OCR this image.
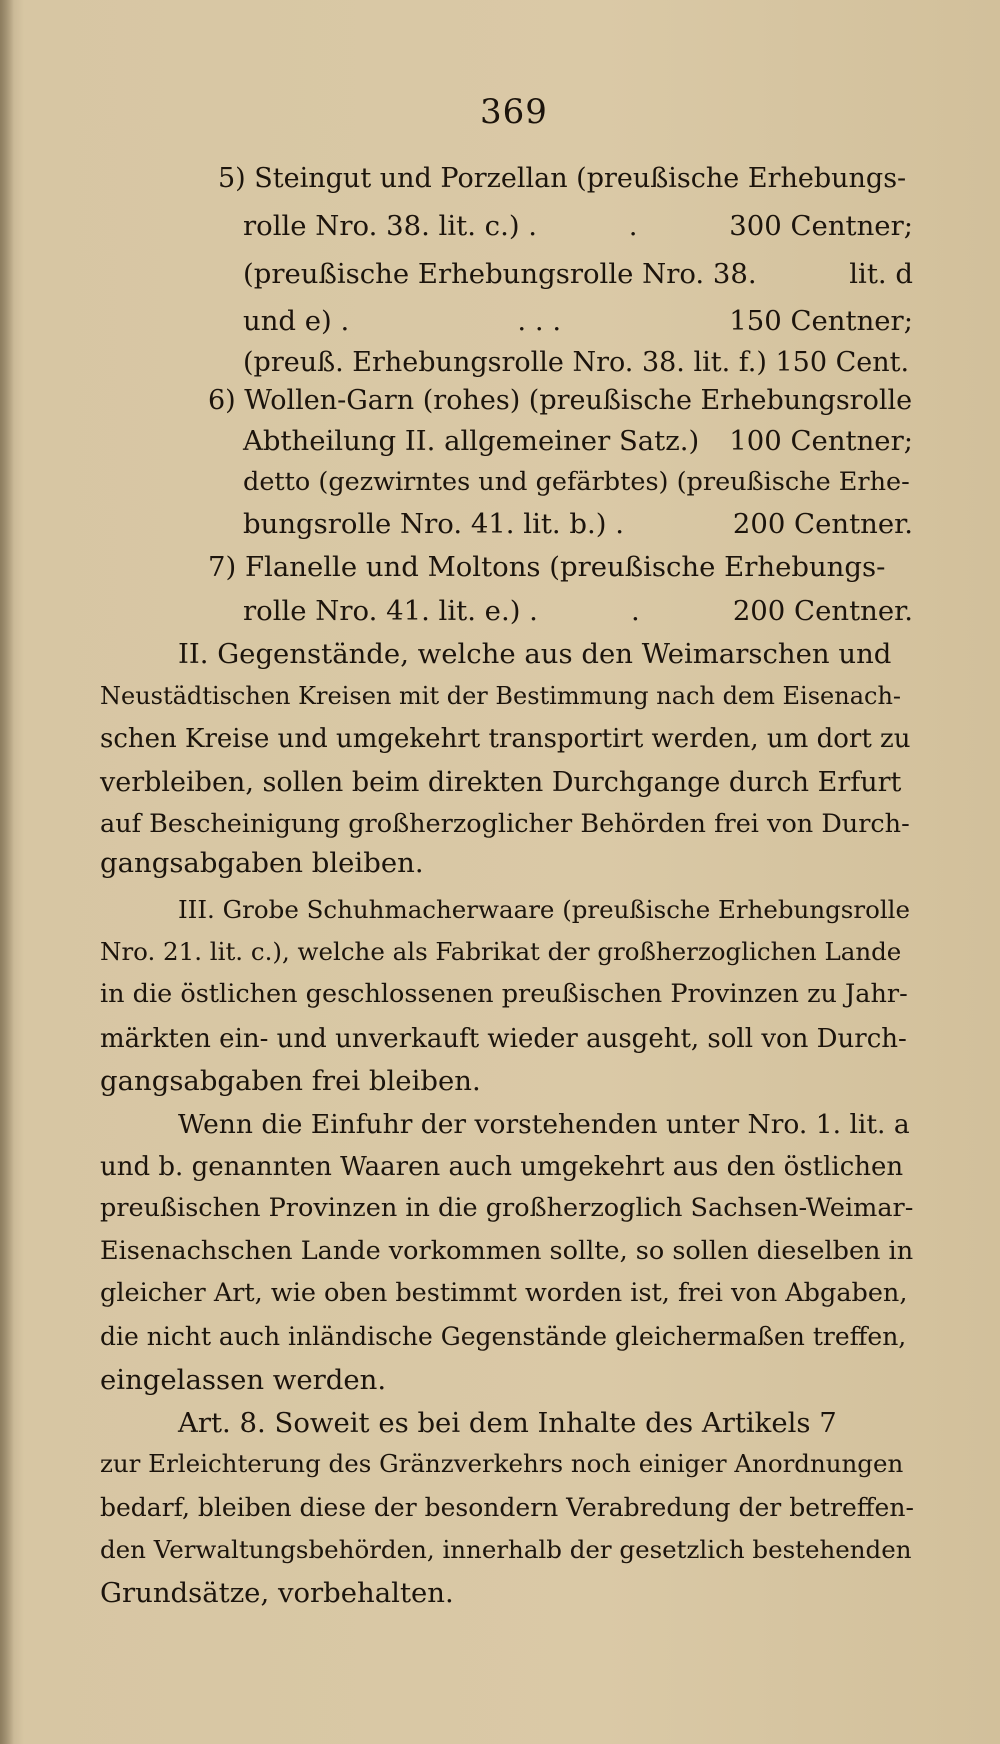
369
5) Steingut und Porzellan (preußische Erhebungs-
rolle Nro. 38. lit. c.) .	.	300 Centner;
(preußische Erhebungsrolle Nro. 38.	lit. d
und e) .	. . .	150 Centner;
(preuß. Erhebungsrolle Nro. 38. lit. f.) 150 Cent.
6) Wollen-Garn (rohes) (preußische Erhebungsrolle
Abtheilung II. allgemeiner Satz.) 100 Centner;
detto (gezwirntes und gefärbtes) (preußische Erhe-
bungsrolle Nro. 41. lit. b.) .	200 Centner.
7) Flanelle und Moltons (preußische Erhebungs-
rolle Nro. 41. lit. e.) .	.	200 Centner.
II. Gegenstände, welche aus den Weimarschen und
Neustädtischen Kreisen mit der Bestimmung nach dem Eisenach-
schen Kreise und umgekehrt transportirt werden, um dort zu
verbleiben, sollen beim direkten Durchgange durch Erfurt
auf Bescheinigung großherzoglicher Behörden frei von Durch-
gangsabgaben bleiben.
III. Grobe Schuhmacherwaare (preußische Erhebungsrolle
Nro. 21. lit. c.), welche als Fabrikat der großherzoglichen Lande
in die östlichen geschlossenen preußischen Provinzen zu Jahr-
märkten ein- und unverkauft wieder ausgeht, soll von Durch-
gangsabgaben frei bleiben.
Wenn die Einfuhr der vorstehenden unter Nro. 1. lit. a
und b. genannten Waaren auch umgekehrt aus den östlichen
preußischen Provinzen in die großherzoglich Sachsen-Weimar-
Eisenachschen Lande vorkommen sollte, so sollen dieselben in
gleicher Art, wie oben bestimmt worden ist, frei von Abgaben,
die nicht auch inländische Gegenstände gleichermaßen treffen,
eingelassen werden.
Art. 8. Soweit es bei dem Inhalte des Artikels 7
zur Erleichterung des Gränzverkehrs noch einiger Anordnungen
bedarf, bleiben diese der besondern Verabredung der betreffen-
den Verwaltungsbehörden, innerhalb der gesetzlich bestehenden
Grundsätze, vorbehalten.
